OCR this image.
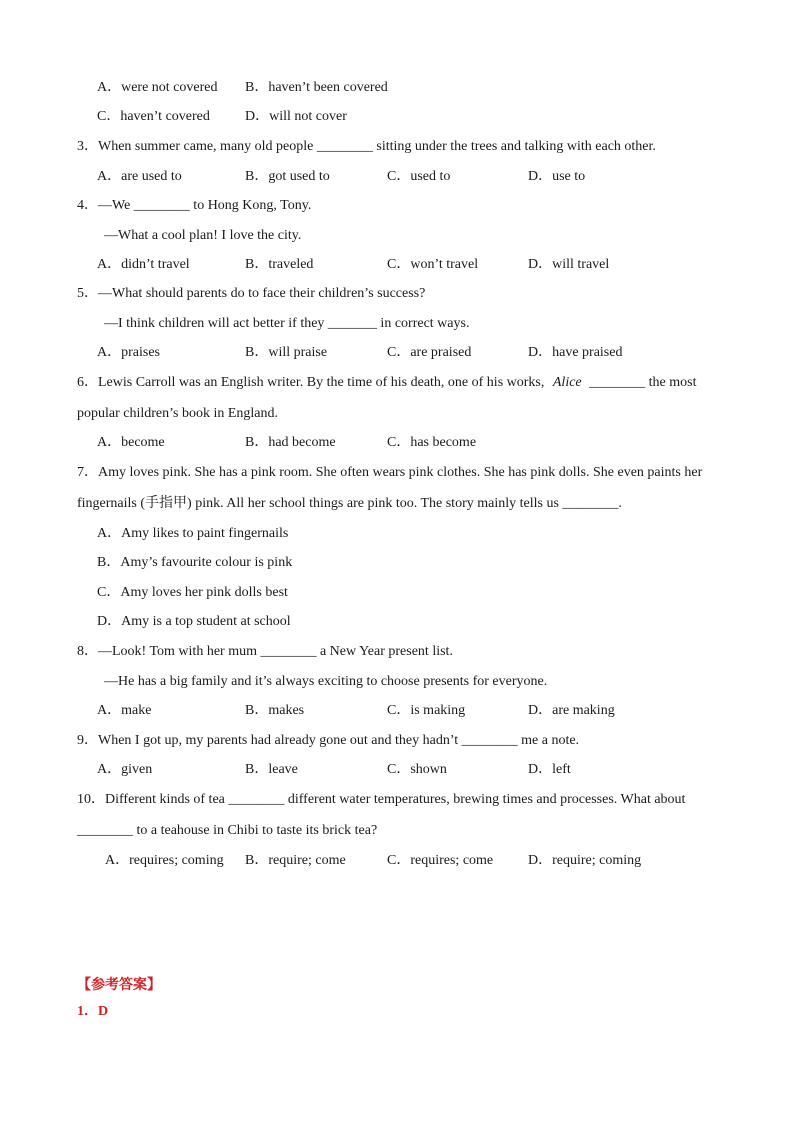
A．were not covered B．haven’t been covered
C．haven’t covered	D．will not cover
3．When summer came, many old people ________ sitting under the trees and talking with each other.
A．are used to	B．got used to	C．used to	D．use to
4．—We ________ to Hong Kong, Tony.
—What a cool plan! I love the city.
A．didn’t travel	B．traveled	C．won’t travel	D．will travel
5．—What should parents do to face their children’s success?
—I think children will act better if they _______ in correct ways.
A．praises	B．will praise	C．are praised	D．have praised
6．Lewis Carroll was an English writer. By the time of his death, one of his works, Alice ________ the most
popular children’s book in England.
A．become	B．had become	C．has become
7．Amy loves pink. She has a pink room. She often wears pink clothes. She has pink dolls. She even paints her
fingernails (手指甲) pink. All her school things are pink too. The story mainly tells us ________.
A．Amy likes to paint fingernails
B．Amy’s favourite colour is pink
C．Amy loves her pink dolls best
D．Amy is a top student at school
8．—Look! Tom with her mum ________ a New Year present list.
—He has a big family and it’s always exciting to choose presents for everyone.
A．make	B．makes	C．is making	D．are making
9．When I got up, my parents had already gone out and they hadn’t ________ me a note.
A．given	B．leave	C．shown	D．left
10．Different kinds of tea ________ different water temperatures, brewing times and processes. What about
________ to a teahouse in Chibi to taste its brick tea?
A．requires; coming B．require; come	C．requires; come D．require; coming
【参考答案】
1．D
